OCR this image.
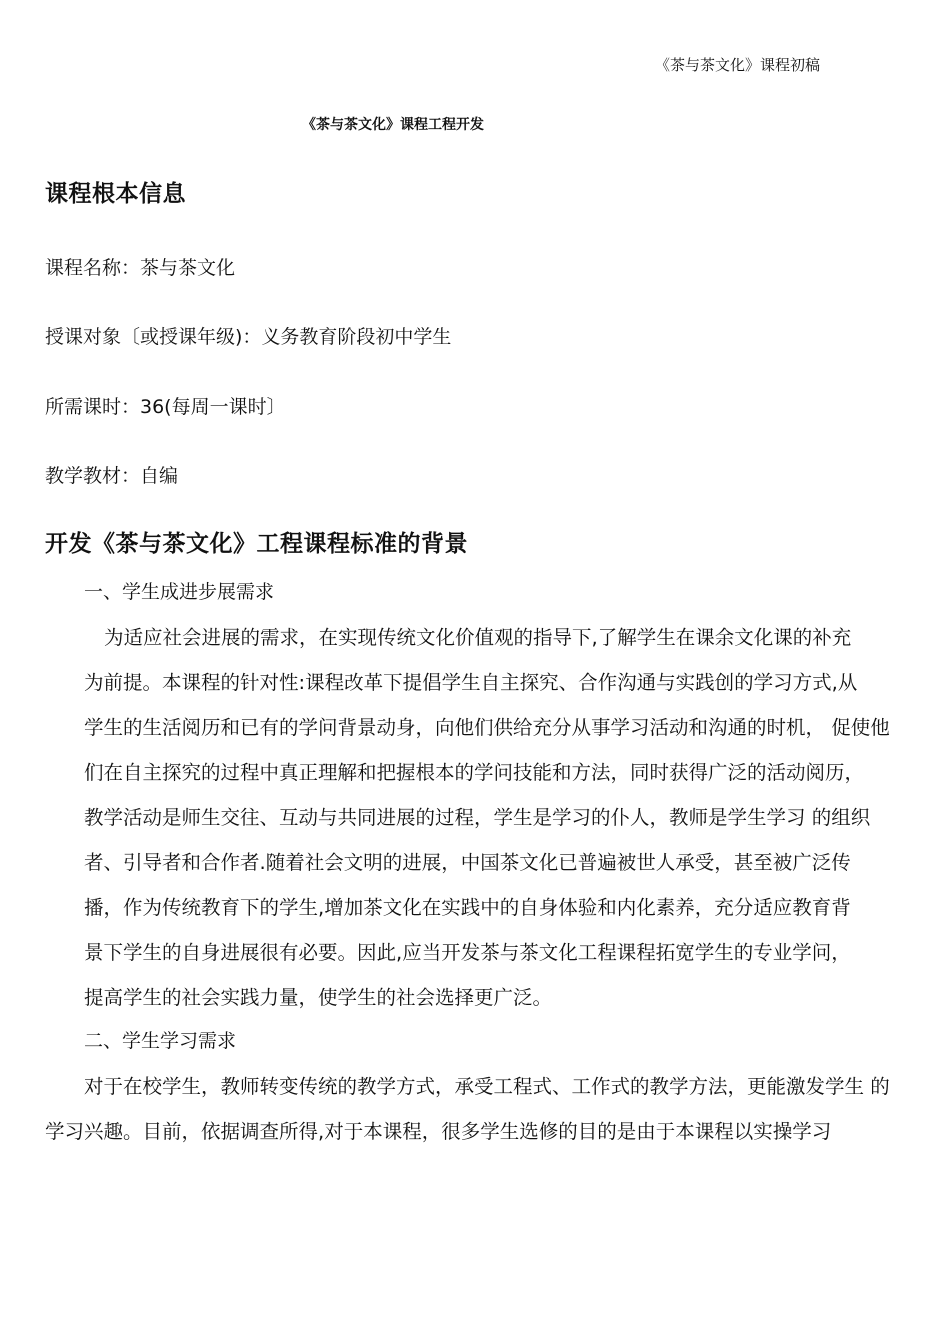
《茶与茶文化》课程初稿
《茶与茶文化》课程工程开发
课程根本信息
课程名称：茶与茶文化
授课对象〔或授课年级)：义务教育阶段初中学生
所需课时：36(每周一课时〕
教学教材：自编
开发《茶与茶文化》工程课程标准的背景
一、学生成进步展需求
为适应社会进展的需求，在实现传统文化价值观的指导下,了解学生在课余文化课的补充
为前提。本课程的针对性:课程改革下提倡学生自主探究、合作沟通与实践创的学习方式,从
学生的生活阅历和已有的学问背景动身，向他们供给充分从事学习活动和沟通的时机， 促使他
们在自主探究的过程中真正理解和把握根本的学问技能和方法，同时获得广泛的活动阅历，
教学活动是师生交往、互动与共同进展的过程，学生是学习的仆人，教师是学生学习 的组织
者、引导者和合作者.随着社会文明的进展，中国茶文化已普遍被世人承受，甚至被广泛传
播，作为传统教育下的学生,增加茶文化在实践中的自身体验和内化素养，充分适应教育背
景下学生的自身进展很有必要。因此,应当开发茶与茶文化工程课程拓宽学生的专业学问，
提高学生的社会实践力量，使学生的社会选择更广泛。
二、学生学习需求
对于在校学生，教师转变传统的教学方式，承受工程式、工作式的教学方法，更能激发学生 的
学习兴趣。目前，依据调查所得,对于本课程，很多学生选修的目的是由于本课程以实操学习
